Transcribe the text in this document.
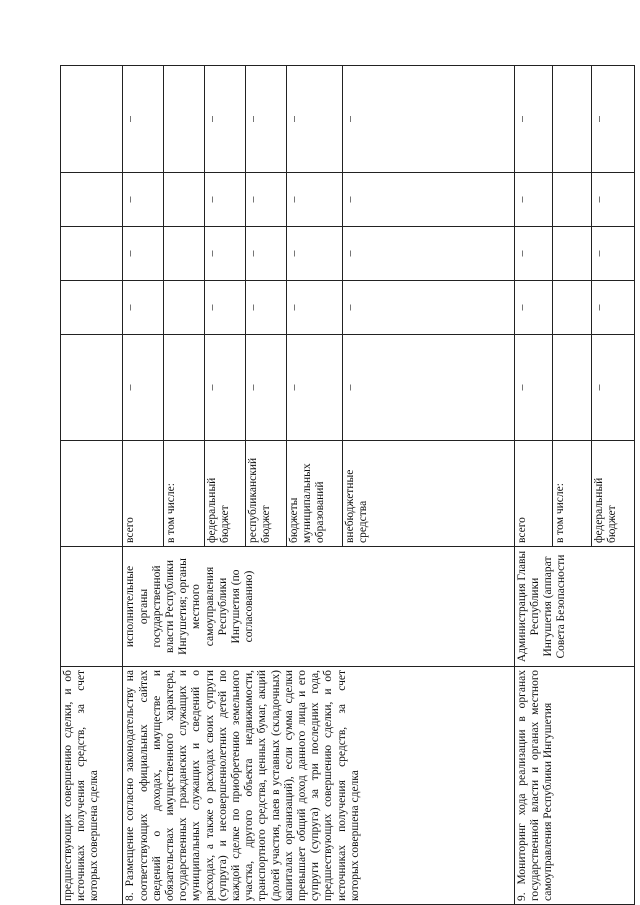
предшествующих совершению сделки, и об источниках получения средств, за счет которых совершена сделка							
8. Размещение согласно законодательству на соответствующих официальных сайтах сведений о доходах, имуществе и обязательствах имущественного характера, государственных гражданских служащих и муниципальных служащих и сведений о расходах, а также о расходах своих супруги (супруга) и несовершеннолетних детей по каждой сделке по приобретению земельного участка, другого объекта недвижимости, транспортного средства, ценных бумаг, акций (долей участия, паев в уставных (складочных) капиталах организаций), если сумма сделки превышает общий доход данного лица и его супруги (супруга) за три последних года, предшествующих совершению сделки, и об источниках получения средств, за счет которых совершена сделка	исполнительные органы государственной власти Республики Ингушетия; органы местного самоуправления Республики Ингушетия (по согласованию)	всего	–	–	–	–	–
		в том числе:					
		федеральный бюджет	–	–	–	–	–
		республиканский бюджет	–	–	–	–	–
		бюджеты муниципальных образований	–	–	–	–	–
		внебюджетные средства	–	–	–	–	–
9. Мониторинг хода реализации в органах государственной власти и органах местного самоуправления Республики Ингушетия	Администрация Главы Республики Ингушетия (аппарат Совета Безопасности	всего	–	–	–	–	–
		в том числе:					
		федеральный бюджет	–	–	–	–	–
